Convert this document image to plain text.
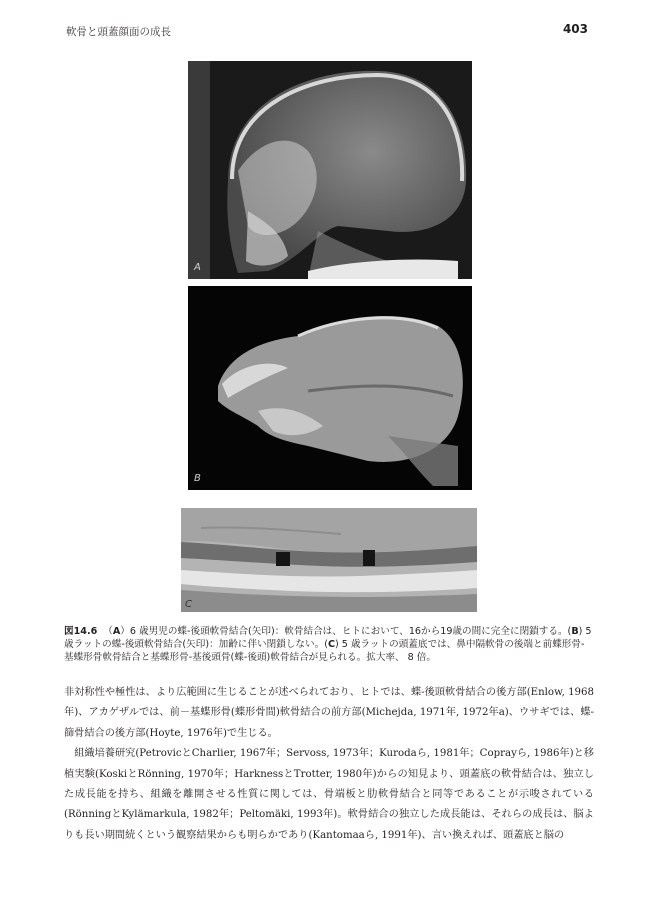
軟骨と頭蓋顔面の成長	403
A
B
C
図14.6 （A）6 歳男児の蝶-後頭軟骨結合(矢印)：軟骨結合は、ヒトにおいて、16から19歳の間に完全に閉鎖する。(B) 5 歳ラットの蝶-後頭軟骨結合(矢印)：加齢に伴い閉鎖しない。(C) 5 歳ラットの頭蓋底では、鼻中隔軟骨の後端と前蝶形骨-基蝶形骨軟骨結合と基蝶形骨-基後頭骨(蝶-後頭)軟骨結合が見られる。拡大率、 8 倍。

非対称性や極性は、より広範囲に生じることが述べられており、ヒトでは、蝶-後頭軟骨結合の後方部(Enlow, 1968年)、アカゲザルでは、前－基蝶形骨(蝶形骨間)軟骨結合の前方部(Michejda, 1971年, 1972年a)、ウサギでは、蝶-篩骨結合の後方部(Hoyte, 1976年)で生じる。

組織培養研究(PetrovicとCharlier, 1967年；Servoss, 1973年；Kurodaら, 1981年；Coprayら, 1986年)と移植実験(KoskiとRönning, 1970年；HarknessとTrotter, 1980年)からの知見より、頭蓋底の軟骨結合は、独立した成長能を持ち、組織を離開させる性質に関しては、骨端板と肋軟骨結合と同等であることが示唆されている(RönningとKylämarkula, 1982年；Peltomäki, 1993年)。軟骨結合の独立した成長能は、それらの成長は、脳よりも長い期間続くという観察結果からも明らかであり(Kantomaaら, 1991年)、言い換えれば、頭蓋底と脳の
